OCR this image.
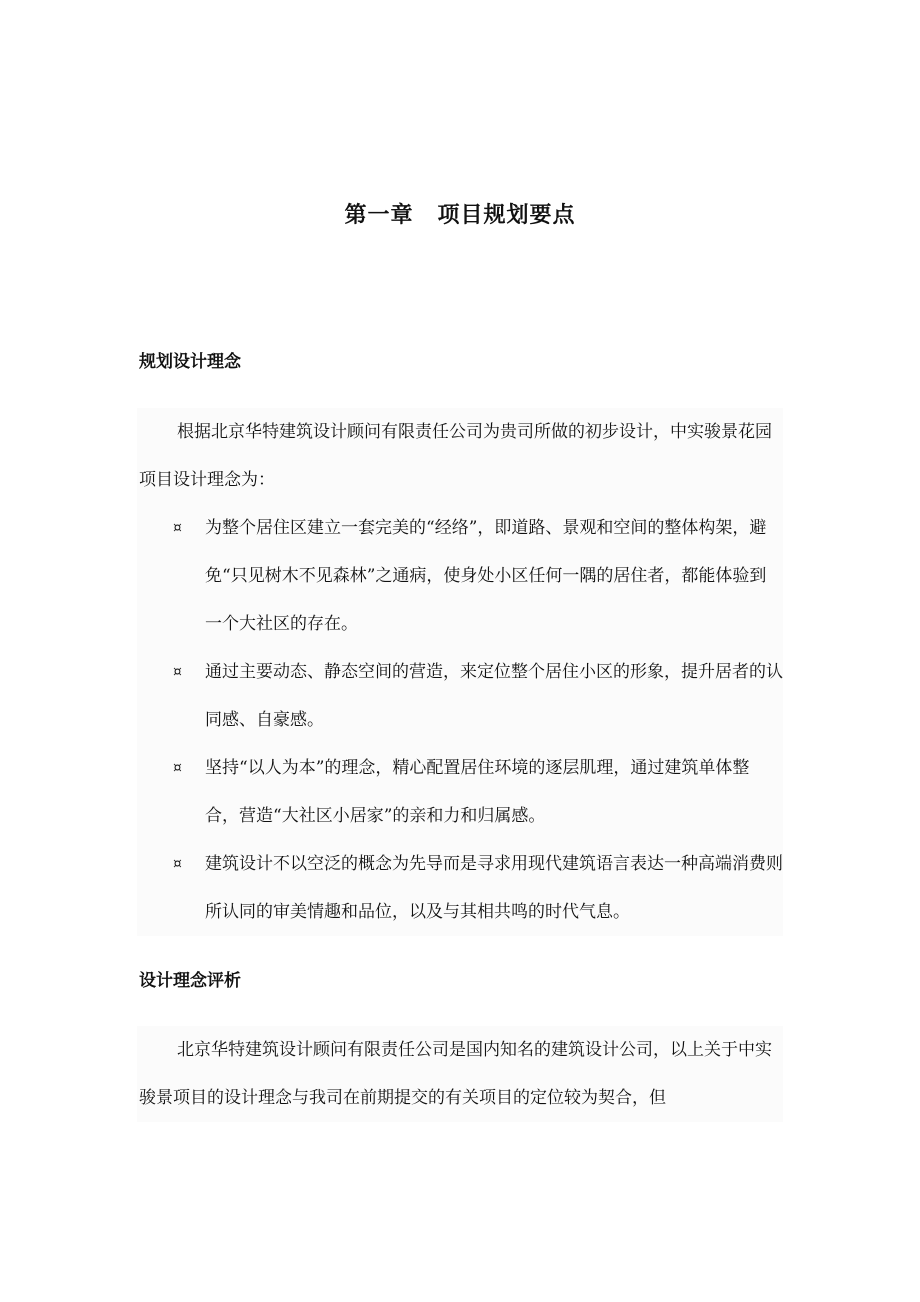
第一章 项目规划要点
规划设计理念

根据北京华特建筑设计顾问有限责任公司为贵司所做的初步设计，中实骏景花园项目设计理念为：

¤ 为整个居住区建立一套完美的“经络”，即道路、景观和空间的整体构架，避免“只见树木不见森林”之通病，使身处小区任何一隅的居住者，都能体验到一个大社区的存在。
¤ 通过主要动态、静态空间的营造，来定位整个居住小区的形象，提升居者的认同感、自豪感。
¤ 坚持“以人为本”的理念，精心配置居住环境的逐层肌理，通过建筑单体整合，营造“大社区小居家”的亲和力和归属感。
¤ 建筑设计不以空泛的概念为先导而是寻求用现代建筑语言表达一种高端消费则所认同的审美情趣和品位，以及与其相共鸣的时代气息。
设计理念评析

北京华特建筑设计顾问有限责任公司是国内知名的建筑设计公司，以上关于中实骏景项目的设计理念与我司在前期提交的有关项目的定位较为契合，但
